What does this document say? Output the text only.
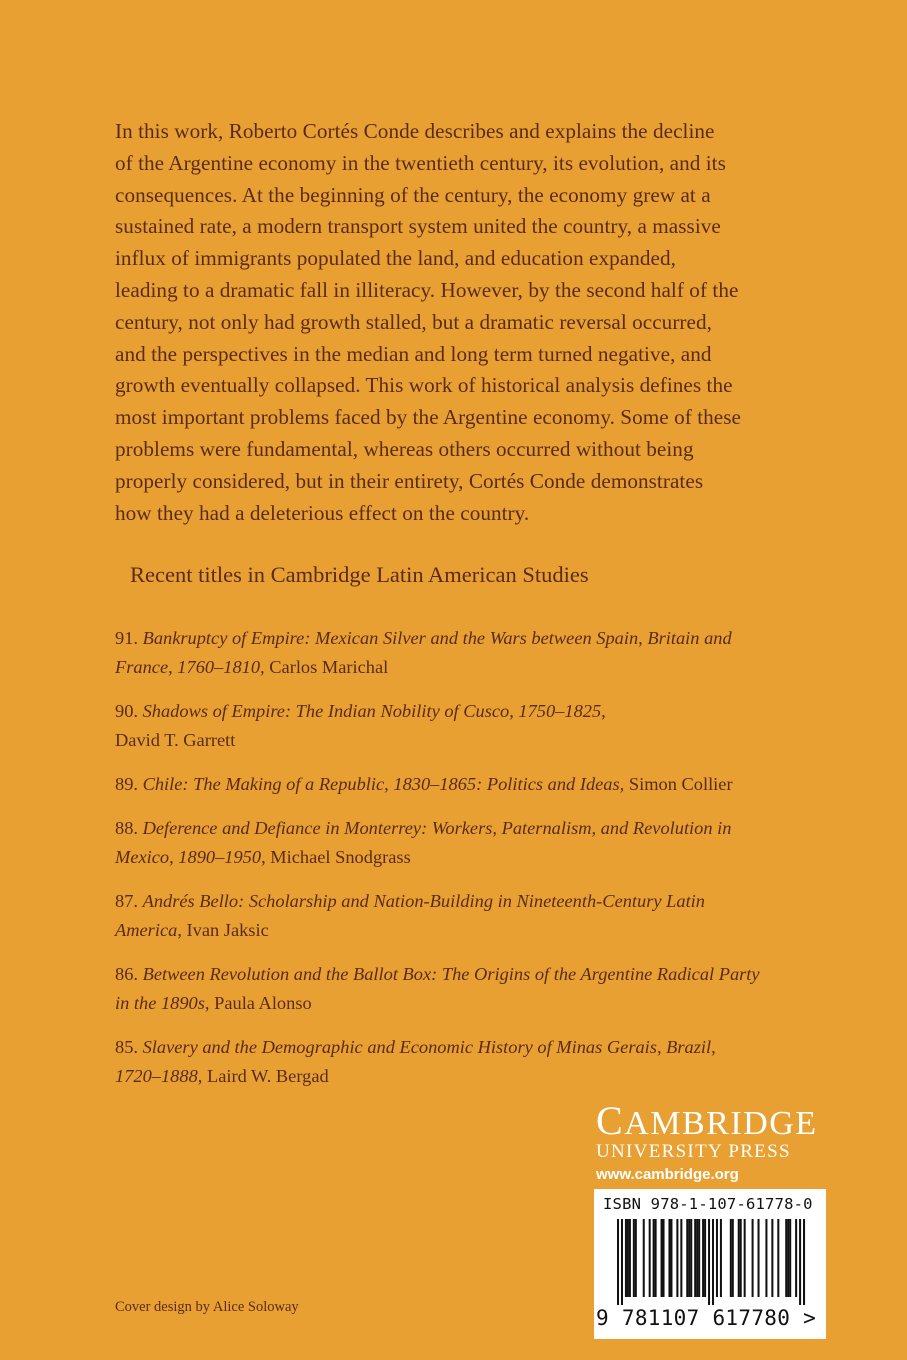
In this work, Roberto Cortés Conde describes and explains the decline
of the Argentine economy in the twentieth century, its evolution, and its
consequences. At the beginning of the century, the economy grew at a
sustained rate, a modern transport system united the country, a massive
influx of immigrants populated the land, and education expanded,
leading to a dramatic fall in illiteracy. However, by the second half of the
century, not only had growth stalled, but a dramatic reversal occurred,
and the perspectives in the median and long term turned negative, and
growth eventually collapsed. This work of historical analysis defines the
most important problems faced by the Argentine economy. Some of these
problems were fundamental, whereas others occurred without being
properly considered, but in their entirety, Cortés Conde demonstrates
how they had a deleterious effect on the country.
Recent titles in Cambridge Latin American Studies
91. Bankruptcy of Empire: Mexican Silver and the Wars between Spain, Britain and
France, 1760–1810, Carlos Marichal
90. Shadows of Empire: The Indian Nobility of Cusco, 1750–1825,
David T. Garrett
89. Chile: The Making of a Republic, 1830–1865: Politics and Ideas, Simon Collier
88. Deference and Defiance in Monterrey: Workers, Paternalism, and Revolution in
Mexico, 1890–1950, Michael Snodgrass
87. Andrés Bello: Scholarship and Nation-Building in Nineteenth-Century Latin
America, Ivan Jaksic
86. Between Revolution and the Ballot Box: The Origins of the Argentine Radical Party
in the 1890s, Paula Alonso
85. Slavery and the Demographic and Economic History of Minas Gerais, Brazil,
1720–1888, Laird W. Bergad
CAMBRIDGE
UNIVERSITY PRESS
www.cambridge.org
ISBN 978-1-107-61778-0
9 781107 617780 >
Cover design by Alice Soloway
